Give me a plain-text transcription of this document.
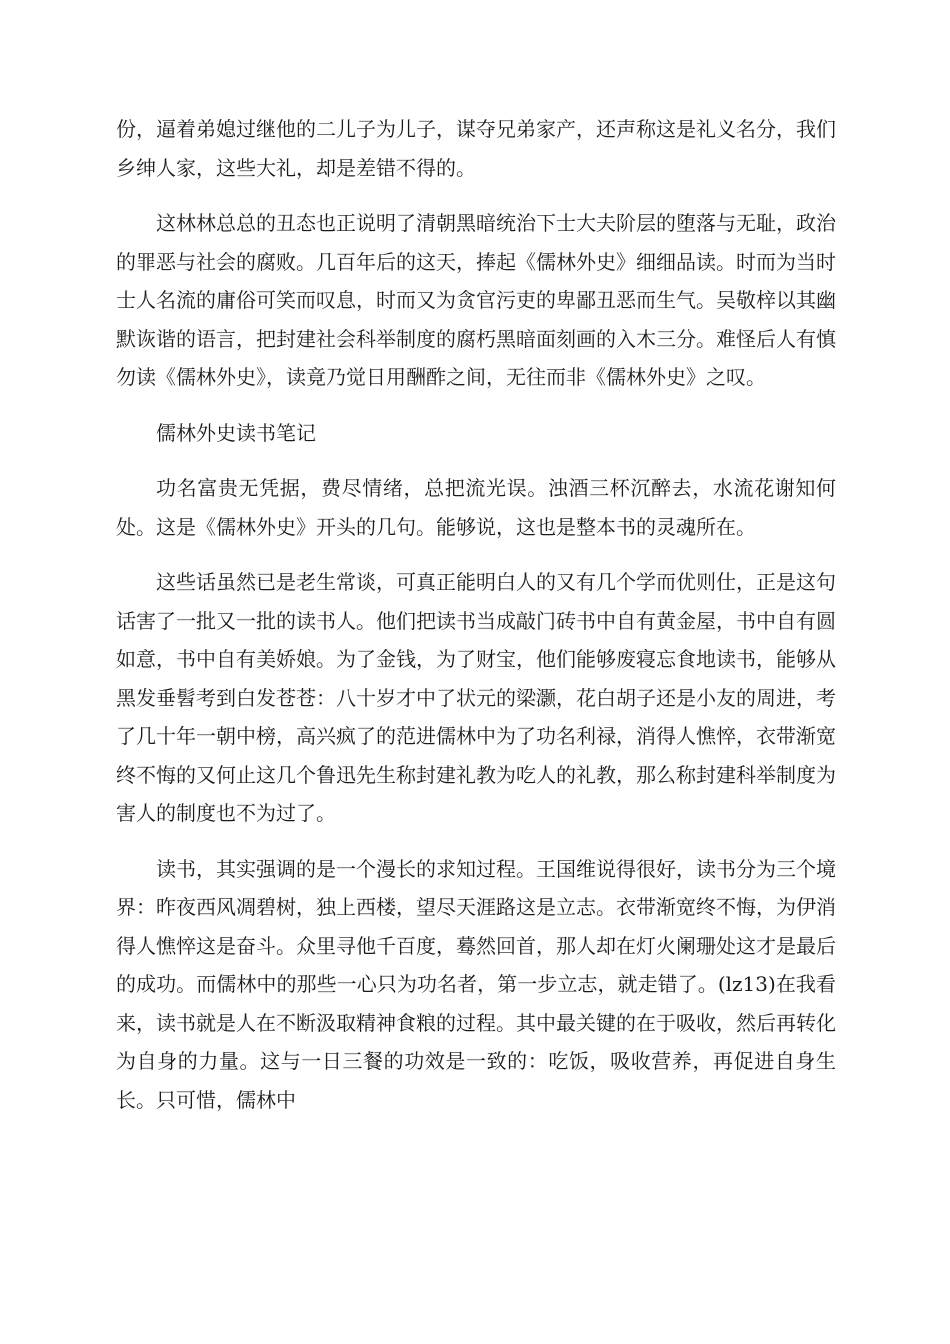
份，逼着弟媳过继他的二儿子为儿子，谋夺兄弟家产，还声称这是礼义名分，我们乡绅人家，这些大礼，却是差错不得的。

这林林总总的丑态也正说明了清朝黑暗统治下士大夫阶层的堕落与无耻，政治的罪恶与社会的腐败。几百年后的这天，捧起《儒林外史》细细品读。时而为当时士人名流的庸俗可笑而叹息，时而又为贪官污吏的卑鄙丑恶而生气。吴敬梓以其幽默诙谐的语言，把封建社会科举制度的腐朽黑暗面刻画的入木三分。难怪后人有慎勿读《儒林外史》，读竟乃觉日用酬酢之间，无往而非《儒林外史》之叹。

儒林外史读书笔记

功名富贵无凭据，费尽情绪，总把流光误。浊酒三杯沉醉去，水流花谢知何处。这是《儒林外史》开头的几句。能够说，这也是整本书的灵魂所在。

这些话虽然已是老生常谈，可真正能明白人的又有几个学而优则仕，正是这句话害了一批又一批的读书人。他们把读书当成敲门砖书中自有黄金屋，书中自有圆如意，书中自有美娇娘。为了金钱，为了财宝，他们能够废寝忘食地读书，能够从黑发垂髫考到白发苍苍：八十岁才中了状元的梁灏，花白胡子还是小友的周进，考了几十年一朝中榜，高兴疯了的范进儒林中为了功名利禄，消得人憔悴，衣带渐宽终不悔的又何止这几个鲁迅先生称封建礼教为吃人的礼教，那么称封建科举制度为害人的制度也不为过了。

读书，其实强调的是一个漫长的求知过程。王国维说得很好，读书分为三个境界：昨夜西风凋碧树，独上西楼，望尽天涯路这是立志。衣带渐宽终不悔，为伊消得人憔悴这是奋斗。众里寻他千百度，蓦然回首，那人却在灯火阑珊处这才是最后的成功。而儒林中的那些一心只为功名者，第一步立志，就走错了。(lz13)在我看来，读书就是人在不断汲取精神食粮的过程。其中最关键的在于吸收，然后再转化为自身的力量。这与一日三餐的功效是一致的：吃饭，吸收营养，再促进自身生长。只可惜，儒林中
